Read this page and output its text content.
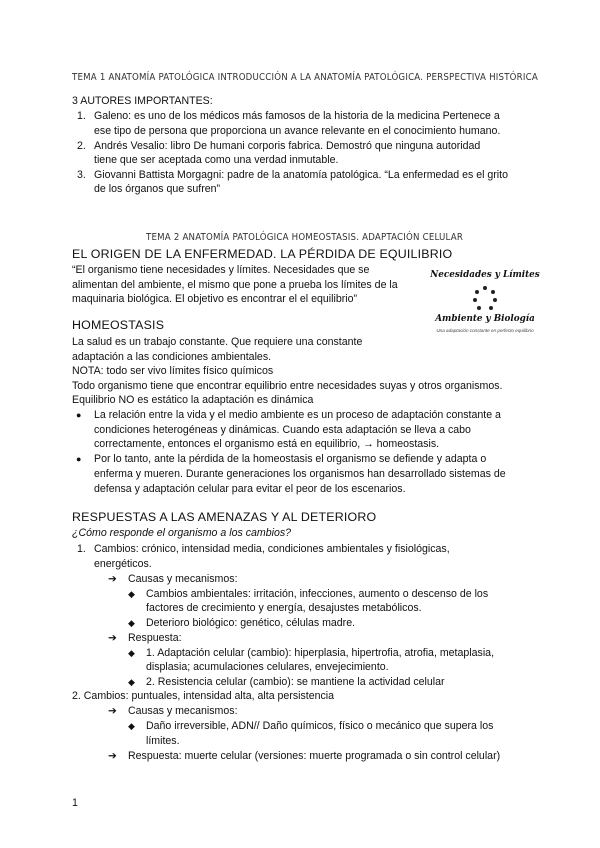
TEMA 1 ANATOMÍA PATOLÓGICA INTRODUCCIÓN A LA ANATOMÍA PATOLÓGICA. PERSPECTIVA HISTÓRICA
3 AUTORES IMPORTANTES:
1. Galeno: es uno de los médicos más famosos de la historia de la medicina Pertenece a
ese tipo de persona que proporciona un avance relevante en el conocimiento humano.
2. Andrés Vesalio: libro De humani corporis fabrica. Demostró que ninguna autoridad
tiene que ser aceptada como una verdad inmutable.
3. Giovanni Battista Morgagni: padre de la anatomía patológica. “La enfermedad es el grito
de los órganos que sufren”
TEMA 2 ANATOMÍA PATOLÓGICA HOMEOSTASIS. ADAPTACIÓN CELULAR
EL ORIGEN DE LA ENFERMEDAD. LA PÉRDIDA DE EQUILIBRIO
“El organismo tiene necesidades y límites. Necesidades que se
alimentan del ambiente, el mismo que pone a prueba los límites de la
maquinaria biológica. El objetivo es encontrar el el equilibrio”
Necesidades y Límites
Ambiente y Biología
Una adaptación constante en perfecto equilibrio
HOMEOSTASIS
La salud es un trabajo constante. Que requiere una constante
adaptación a las condiciones ambientales.
NOTA: todo ser vivo límites físico químicos
Todo organismo tiene que encontrar equilibrio entre necesidades suyas y otros organismos.
Equilibrio NO es estático la adaptación es dinámica
● La relación entre la vida y el medio ambiente es un proceso de adaptación constante a
condiciones heterogéneas y dinámicas. Cuando esta adaptación se lleva a cabo
correctamente, entonces el organismo está en equilibrio, → homeostasis.
● Por lo tanto, ante la pérdida de la homeostasis el organismo se defiende y adapta o
enferma y mueren. Durante generaciones los organismos han desarrollado sistemas de
defensa y adaptación celular para evitar el peor de los escenarios.
RESPUESTAS A LAS AMENAZAS Y AL DETERIORO
¿Cómo responde el organismo a los cambios?
1. Cambios: crónico, intensidad media, condiciones ambientales y fisiológicas,
energéticos.
➔ Causas y mecanismos:
◆ Cambios ambientales: irritación, infecciones, aumento o descenso de los
factores de crecimiento y energía, desajustes metabólicos.
◆ Deterioro biológico: genético, células madre.
➔ Respuesta:
◆ 1. Adaptación celular (cambio): hiperplasia, hipertrofia, atrofia, metaplasia,
displasia; acumulaciones celulares, envejecimiento.
◆ 2. Resistencia celular (cambio): se mantiene la actividad celular
2. Cambios: puntuales, intensidad alta, alta persistencia
➔ Causas y mecanismos:
◆ Daño irreversible, ADN// Daño químicos, físico o mecánico que supera los
límites.
➔ Respuesta: muerte celular (versiones: muerte programada o sin control celular)
1
